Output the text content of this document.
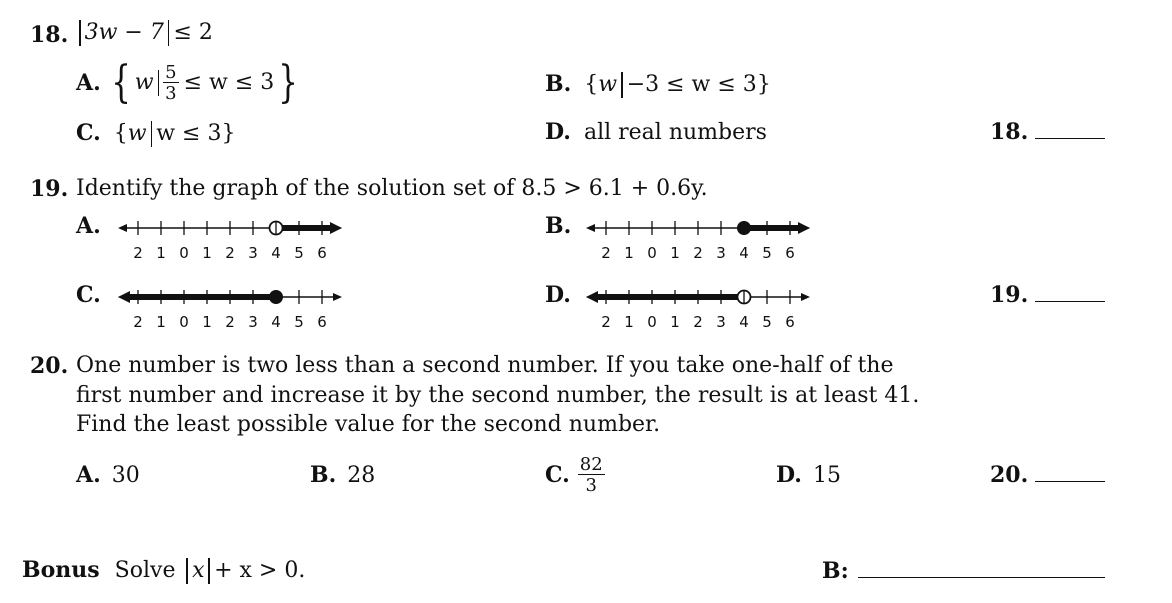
18. 3w − 7 ≤ 2
A. { w $\frac{5}{3} \le w \le 3$ }	B. {w −3 ≤ w ≤ 3}
C. {w w ≤ 3}	D. all real numbers	18.
19. Identify the graph of the solution set of 8.5 > 6.1 + 0.6y.
A.
2 1 0 1 2 3 4 5 6
B.
2 1 0 1 2 3 4 5 6
C.
2 1 0 1 2 3 4 5 6
D.
2 1 0 1 2 3 4 5 6
19.
20. One number is two less than a second number. If you take one-half of the
first number and increase it by the second number, the result is at least 41.
Find the least possible value for the second number.
A. 30	B. 28	C. $\frac{82}{3}$	D. 15	20.
Bonus Solve x + x > 0.	B:
